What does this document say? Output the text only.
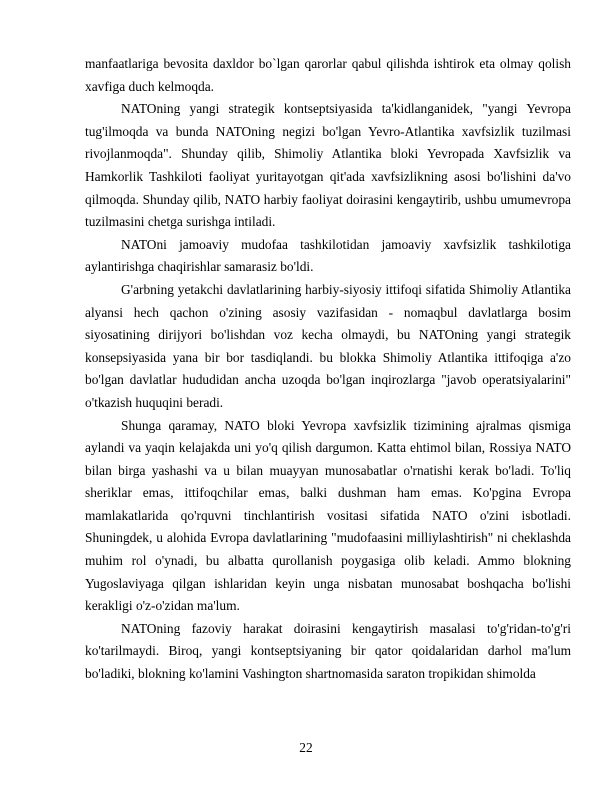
manfaatlariga bevosita daxldor bo`lgan qarorlar qabul qilishda ishtirok eta olmay qolish xavfiga duch kelmoqda.

NATOning yangi strategik kontseptsiyasida ta'kidlanganidek, "yangi Yevropa tug'ilmoqda va bunda NATOning negizi bo'lgan Yevro-Atlantika xavfsizlik tuzilmasi rivojlanmoqda". Shunday qilib, Shimoliy Atlantika bloki Yevropada Xavfsizlik va Hamkorlik Tashkiloti faoliyat yuritayotgan qit'ada xavfsizlikning asosi bo'lishini da'vo qilmoqda. Shunday qilib, NATO harbiy faoliyat doirasini kengaytirib, ushbu umumevropa tuzilmasini chetga surishga intiladi.

NATOni jamoaviy mudofaa tashkilotidan jamoaviy xavfsizlik tashkilotiga aylantirishga chaqirishlar samarasiz bo'ldi.

G'arbning yetakchi davlatlarining harbiy-siyosiy ittifoqi sifatida Shimoliy Atlantika alyansi hech qachon o'zining asosiy vazifasidan - nomaqbul davlatlarga bosim siyosatining dirijyori bo'lishdan voz kecha olmaydi, bu NATOning yangi strategik konsepsiyasida yana bir bor tasdiqlandi. bu blokka Shimoliy Atlantika ittifoqiga a'zo bo'lgan davlatlar hududidan ancha uzoqda bo'lgan inqirozlarga "javob operatsiyalarini" o'tkazish huquqini beradi.

Shunga qaramay, NATO bloki Yevropa xavfsizlik tizimining ajralmas qismiga aylandi va yaqin kelajakda uni yo'q qilish dargumon. Katta ehtimol bilan, Rossiya NATO bilan birga yashashi va u bilan muayyan munosabatlar o'rnatishi kerak bo'ladi. To'liq sheriklar emas, ittifoqchilar emas, balki dushman ham emas. Ko'pgina Evropa mamlakatlarida qo'rquvni tinchlantirish vositasi sifatida NATO o'zini isbotladi. Shuningdek, u alohida Evropa davlatlarining "mudofaasini milliylashtirish" ni cheklashda muhim rol o'ynadi, bu albatta qurollanish poygasiga olib keladi. Ammo blokning Yugoslaviyaga qilgan ishlaridan keyin unga nisbatan munosabat boshqacha bo'lishi kerakligi o'z-o'zidan ma'lum.

NATOning fazoviy harakat doirasini kengaytirish masalasi to'g'ridan-to'g'ri ko'tarilmaydi. Biroq, yangi kontseptsiyaning bir qator qoidalaridan darhol ma'lum bo'ladiki, blokning ko'lamini Vashington shartnomasida saraton tropikidan shimolda

22
